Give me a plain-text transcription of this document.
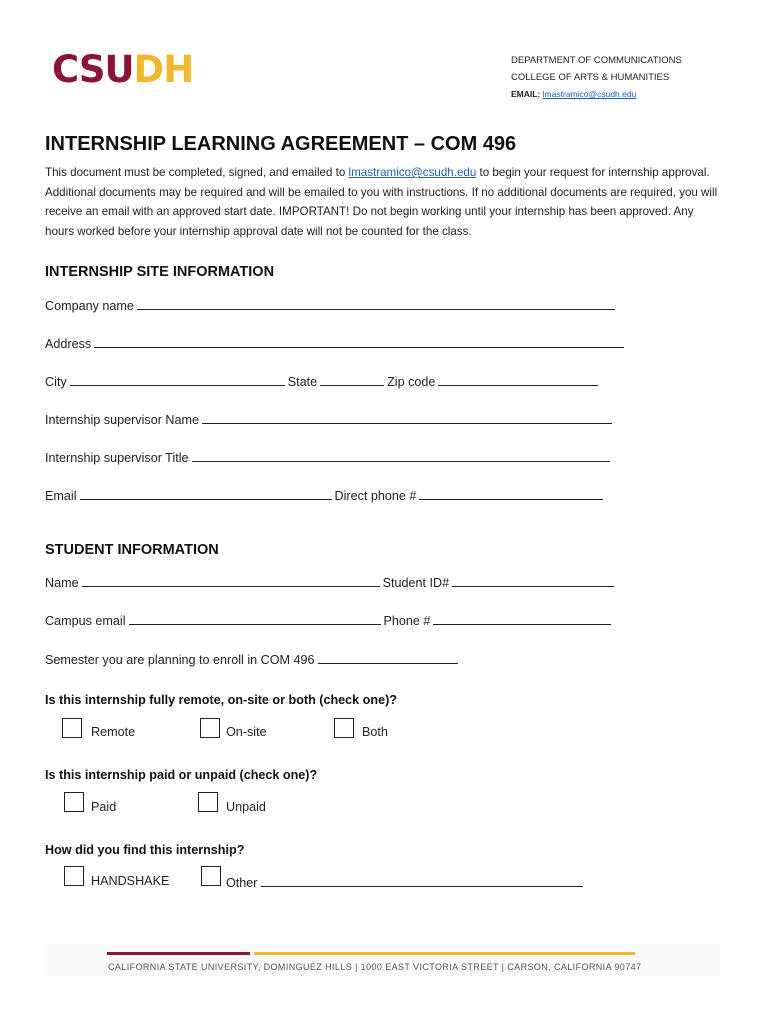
CSUDH	DEPARTMENT OF COMMUNICATIONS
COLLEGE OF ARTS & HUMANITIES
EMAIL: lmastramico@csudh.edu
INTERNSHIP LEARNING AGREEMENT – COM 496
This document must be completed, signed, and emailed to lmastramico@csudh.edu to begin your request for internship approval. Additional documents may be required and will be emailed to you with instructions. If no additional documents are required, you will receive an email with an approved start date. IMPORTANT! Do not begin working until your internship has been approved. Any hours worked before your internship approval date will not be counted for the class.
INTERNSHIP SITE INFORMATION
Company name
Address
City	State	Zip code
Internship supervisor Name
Internship supervisor Title
Email	Direct phone #
STUDENT INFORMATION
Name	Student ID#
Campus email	Phone #
Semester you are planning to enroll in COM 496
Is this internship fully remote, on-site or both (check one)?
Remote	On-site	Both
Is this internship paid or unpaid (check one)?
Paid	Unpaid
How did you find this internship?
HANDSHAKE	Other
CALIFORNIA STATE UNIVERSITY, DOMINGUEZ HILLS | 1000 EAST VICTORIA STREET | CARSON, CALIFORNIA 90747
